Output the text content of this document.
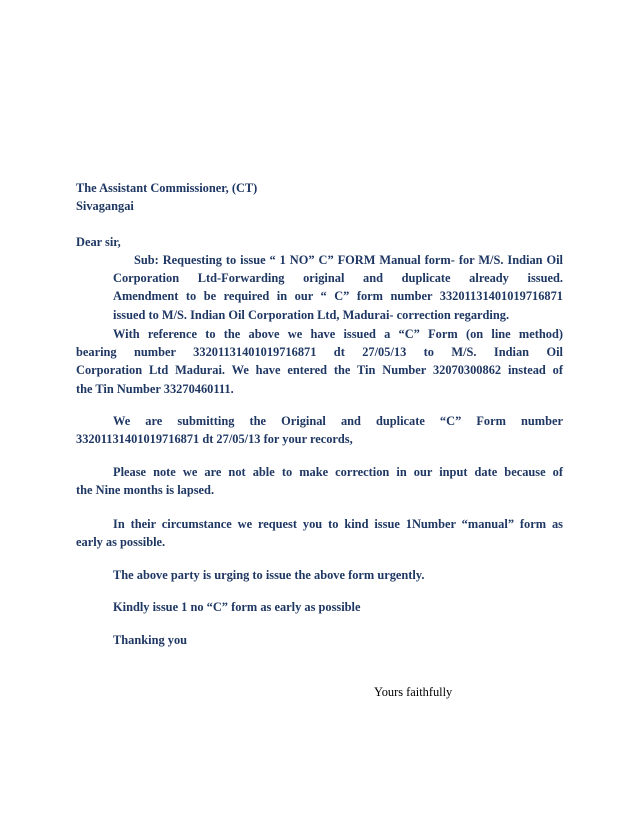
The Assistant Commissioner, (CT)
Sivagangai
Dear sir,
Sub: Requesting to issue “ 1 NO” C” FORM Manual form- for M/S. Indian Oil
Corporation Ltd-Forwarding original and duplicate already issued.
Amendment to be required in our “ C” form number 33201131401019716871
issued to M/S. Indian Oil Corporation Ltd, Madurai- correction regarding.
With reference to the above we have issued a “C” Form (on line method)
bearing number 33201131401019716871 dt 27/05/13 to M/S. Indian Oil
Corporation Ltd Madurai. We have entered the Tin Number 32070300862 instead of
the Tin Number 33270460111.
We are submitting the Original and duplicate “C” Form number
33201131401019716871 dt 27/05/13 for your records,
Please note we are not able to make correction in our input date because of
the Nine months is lapsed.
In their circumstance we request you to kind issue 1Number “manual” form as
early as possible.
The above party is urging to issue the above form urgently.
Kindly issue 1 no “C” form as early as possible
Thanking you
Yours faithfully
